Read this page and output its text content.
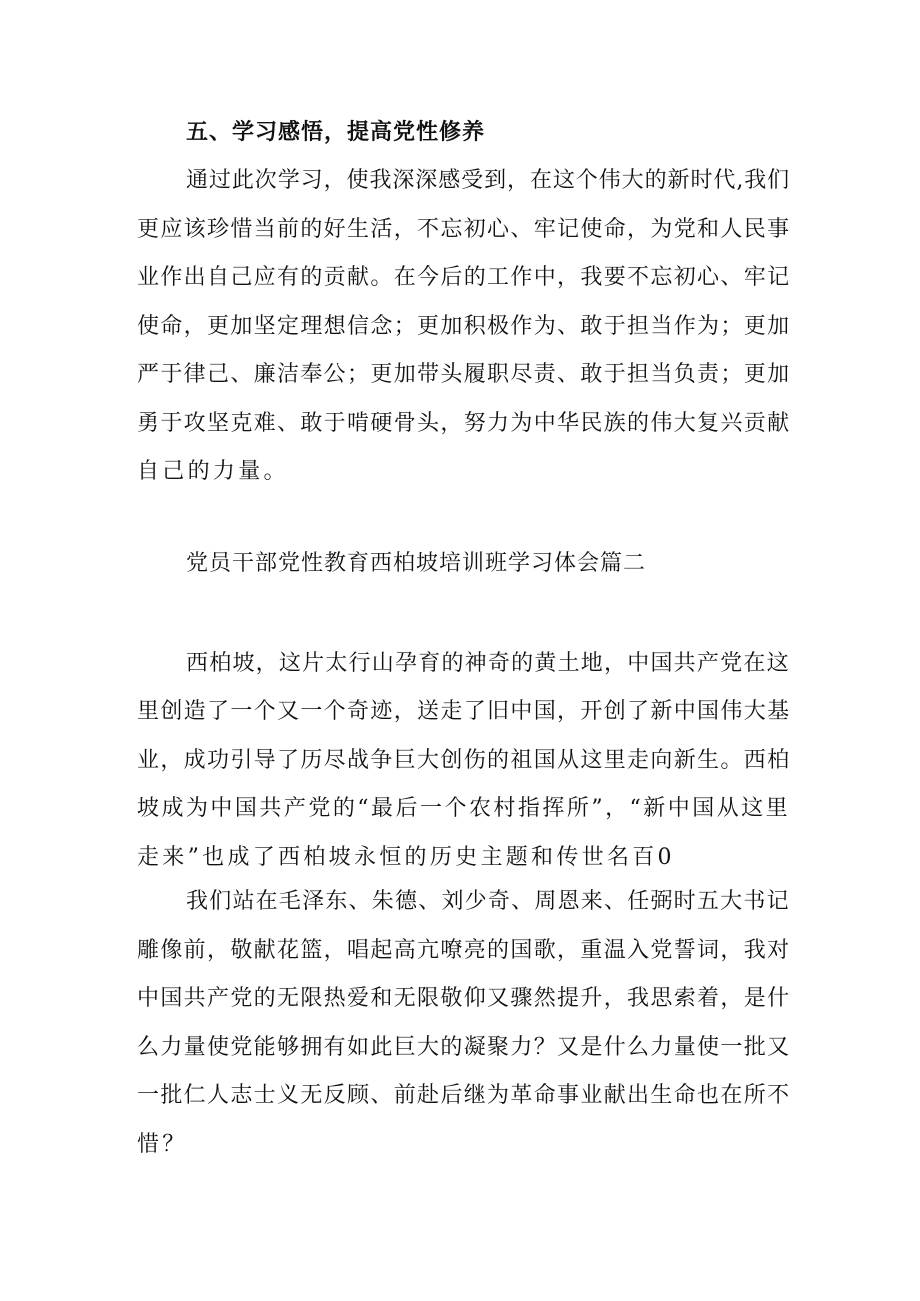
五、学习感悟，提高党性修养
通过此次学习，使我深深感受到，在这个伟大的新时代,我们
更应该珍惜当前的好生活，不忘初心、牢记使命，为党和人民事
业作出自己应有的贡献。在今后的工作中，我要不忘初心、牢记
使命，更加坚定理想信念；更加积极作为、敢于担当作为；更加
严于律己、廉洁奉公；更加带头履职尽责、敢于担当负责；更加
勇于攻坚克难、敢于啃硬骨头，努力为中华民族的伟大复兴贡献
自己的力量。
党员干部党性教育西柏坡培训班学习体会篇二
西柏坡，这片太行山孕育的神奇的黄土地，中国共产党在这
里创造了一个又一个奇迹，送走了旧中国，开创了新中国伟大基
业，成功引导了历尽战争巨大创伤的祖国从这里走向新生。西柏
坡成为中国共产党的“最后一个农村指挥所”，“新中国从这里
走来”也成了西柏坡永恒的历史主题和传世名百0
我们站在毛泽东、朱德、刘少奇、周恩来、任弼时五大书记
雕像前，敬献花篮，唱起高亢嘹亮的国歌，重温入党誓词，我对
中国共产党的无限热爱和无限敬仰又骤然提升，我思索着，是什
么力量使党能够拥有如此巨大的凝聚力？又是什么力量使一批又
一批仁人志士义无反顾、前赴后继为革命事业献出生命也在所不
惜？
